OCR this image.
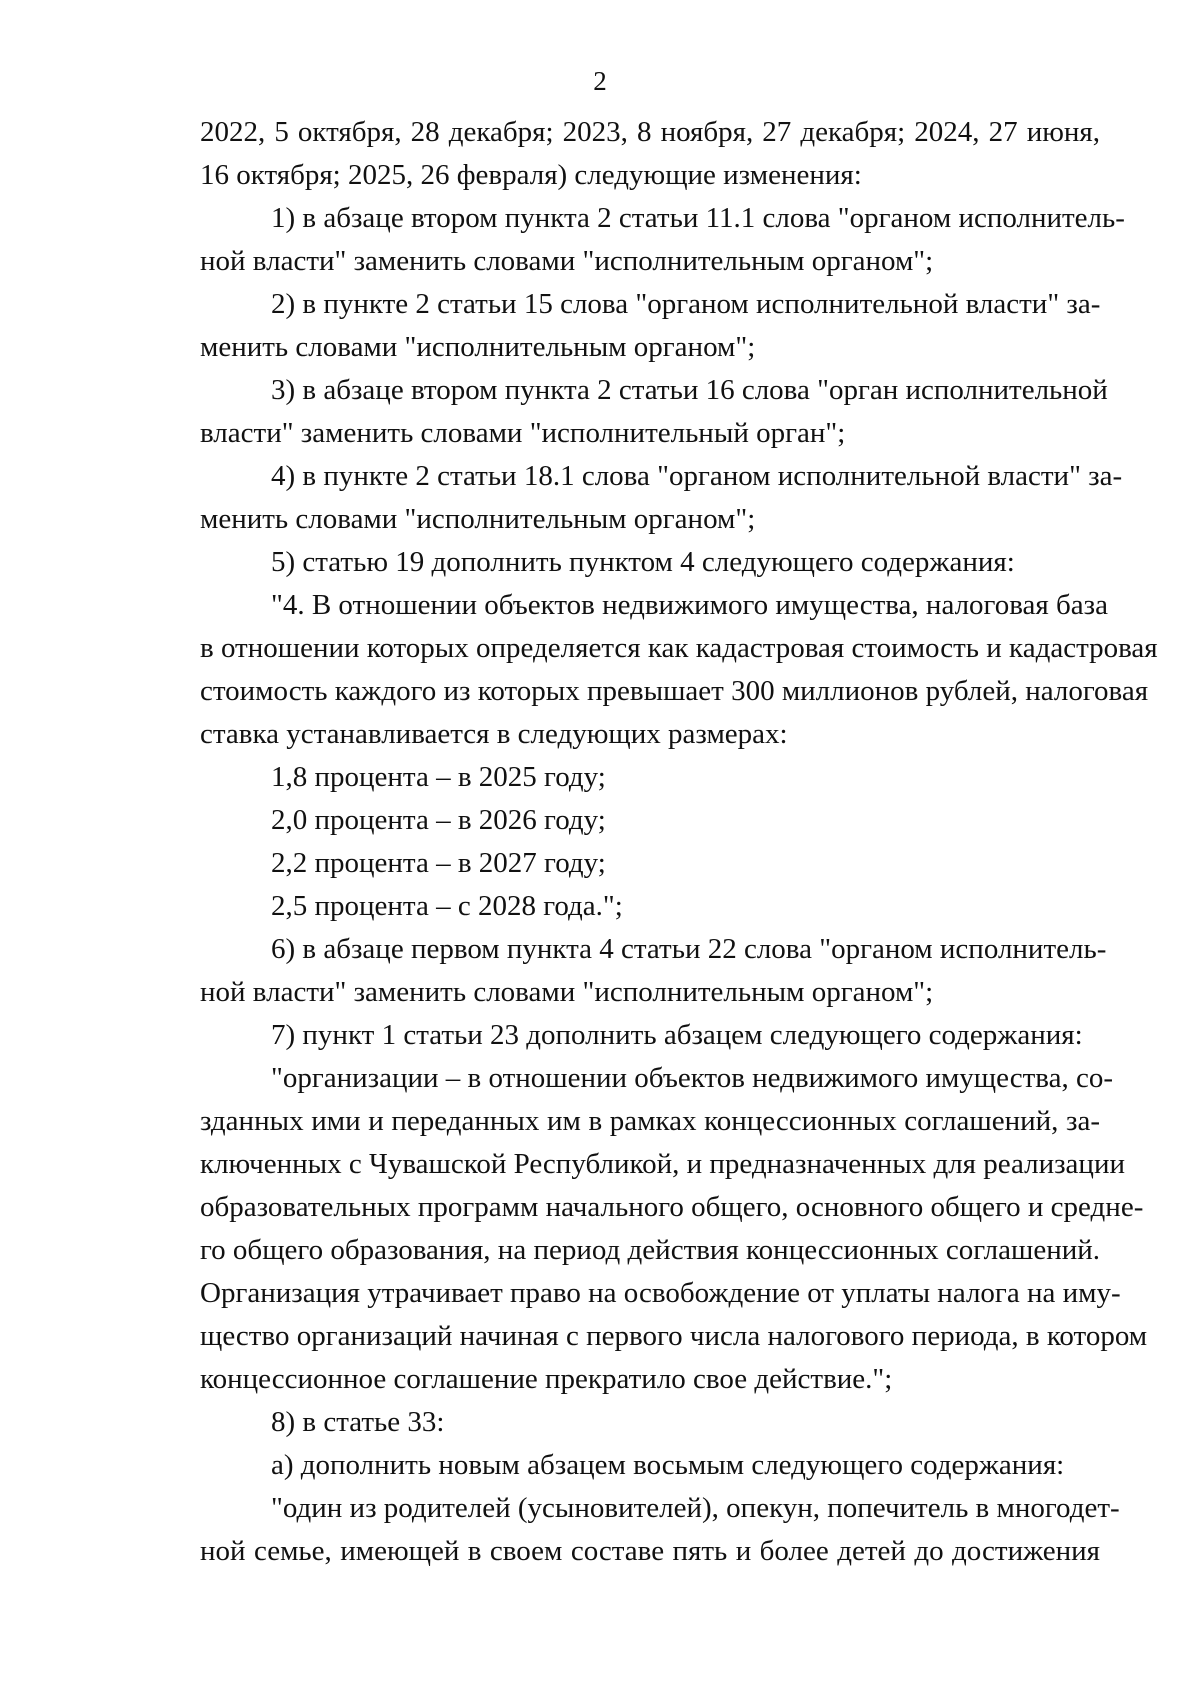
2
2022, 5 октября, 28 декабря; 2023, 8 ноября, 27 декабря; 2024, 27 июня,
16 октября; 2025, 26 февраля) следующие изменения:
1) в абзаце втором пункта 2 статьи 11.1 слова "органом исполнитель-
ной власти" заменить словами "исполнительным органом";
2) в пункте 2 статьи 15 слова "органом исполнительной власти" за-
менить словами "исполнительным органом";
3) в абзаце втором пункта 2 статьи 16 слова "орган исполнительной
власти" заменить словами "исполнительный орган";
4) в пункте 2 статьи 18.1 слова "органом исполнительной власти" за-
менить словами "исполнительным органом";
5) статью 19 дополнить пунктом 4 следующего содержания:
"4. В отношении объектов недвижимого имущества, налоговая база
в отношении которых определяется как кадастровая стоимость и кадастровая
стоимость каждого из которых превышает 300 миллионов рублей, налоговая
ставка устанавливается в следующих размерах:
1,8 процента – в 2025 году;
2,0 процента – в 2026 году;
2,2 процента – в 2027 году;
2,5 процента – с 2028 года.";
6) в абзаце первом пункта 4 статьи 22 слова "органом исполнитель-
ной власти" заменить словами "исполнительным органом";
7) пункт 1 статьи 23 дополнить абзацем следующего содержания:
"организации – в отношении объектов недвижимого имущества, со-
зданных ими и переданных им в рамках концессионных соглашений, за-
ключенных с Чувашской Республикой, и предназначенных для реализации
образовательных программ начального общего, основного общего и средне-
го общего образования, на период действия концессионных соглашений.
Организация утрачивает право на освобождение от уплаты налога на иму-
щество организаций начиная с первого числа налогового периода, в котором
концессионное соглашение прекратило свое действие.";
8) в статье 33:
а) дополнить новым абзацем восьмым следующего содержания:
"один из родителей (усыновителей), опекун, попечитель в многодет-
ной семье, имеющей в своем составе пять и более детей до достижения
